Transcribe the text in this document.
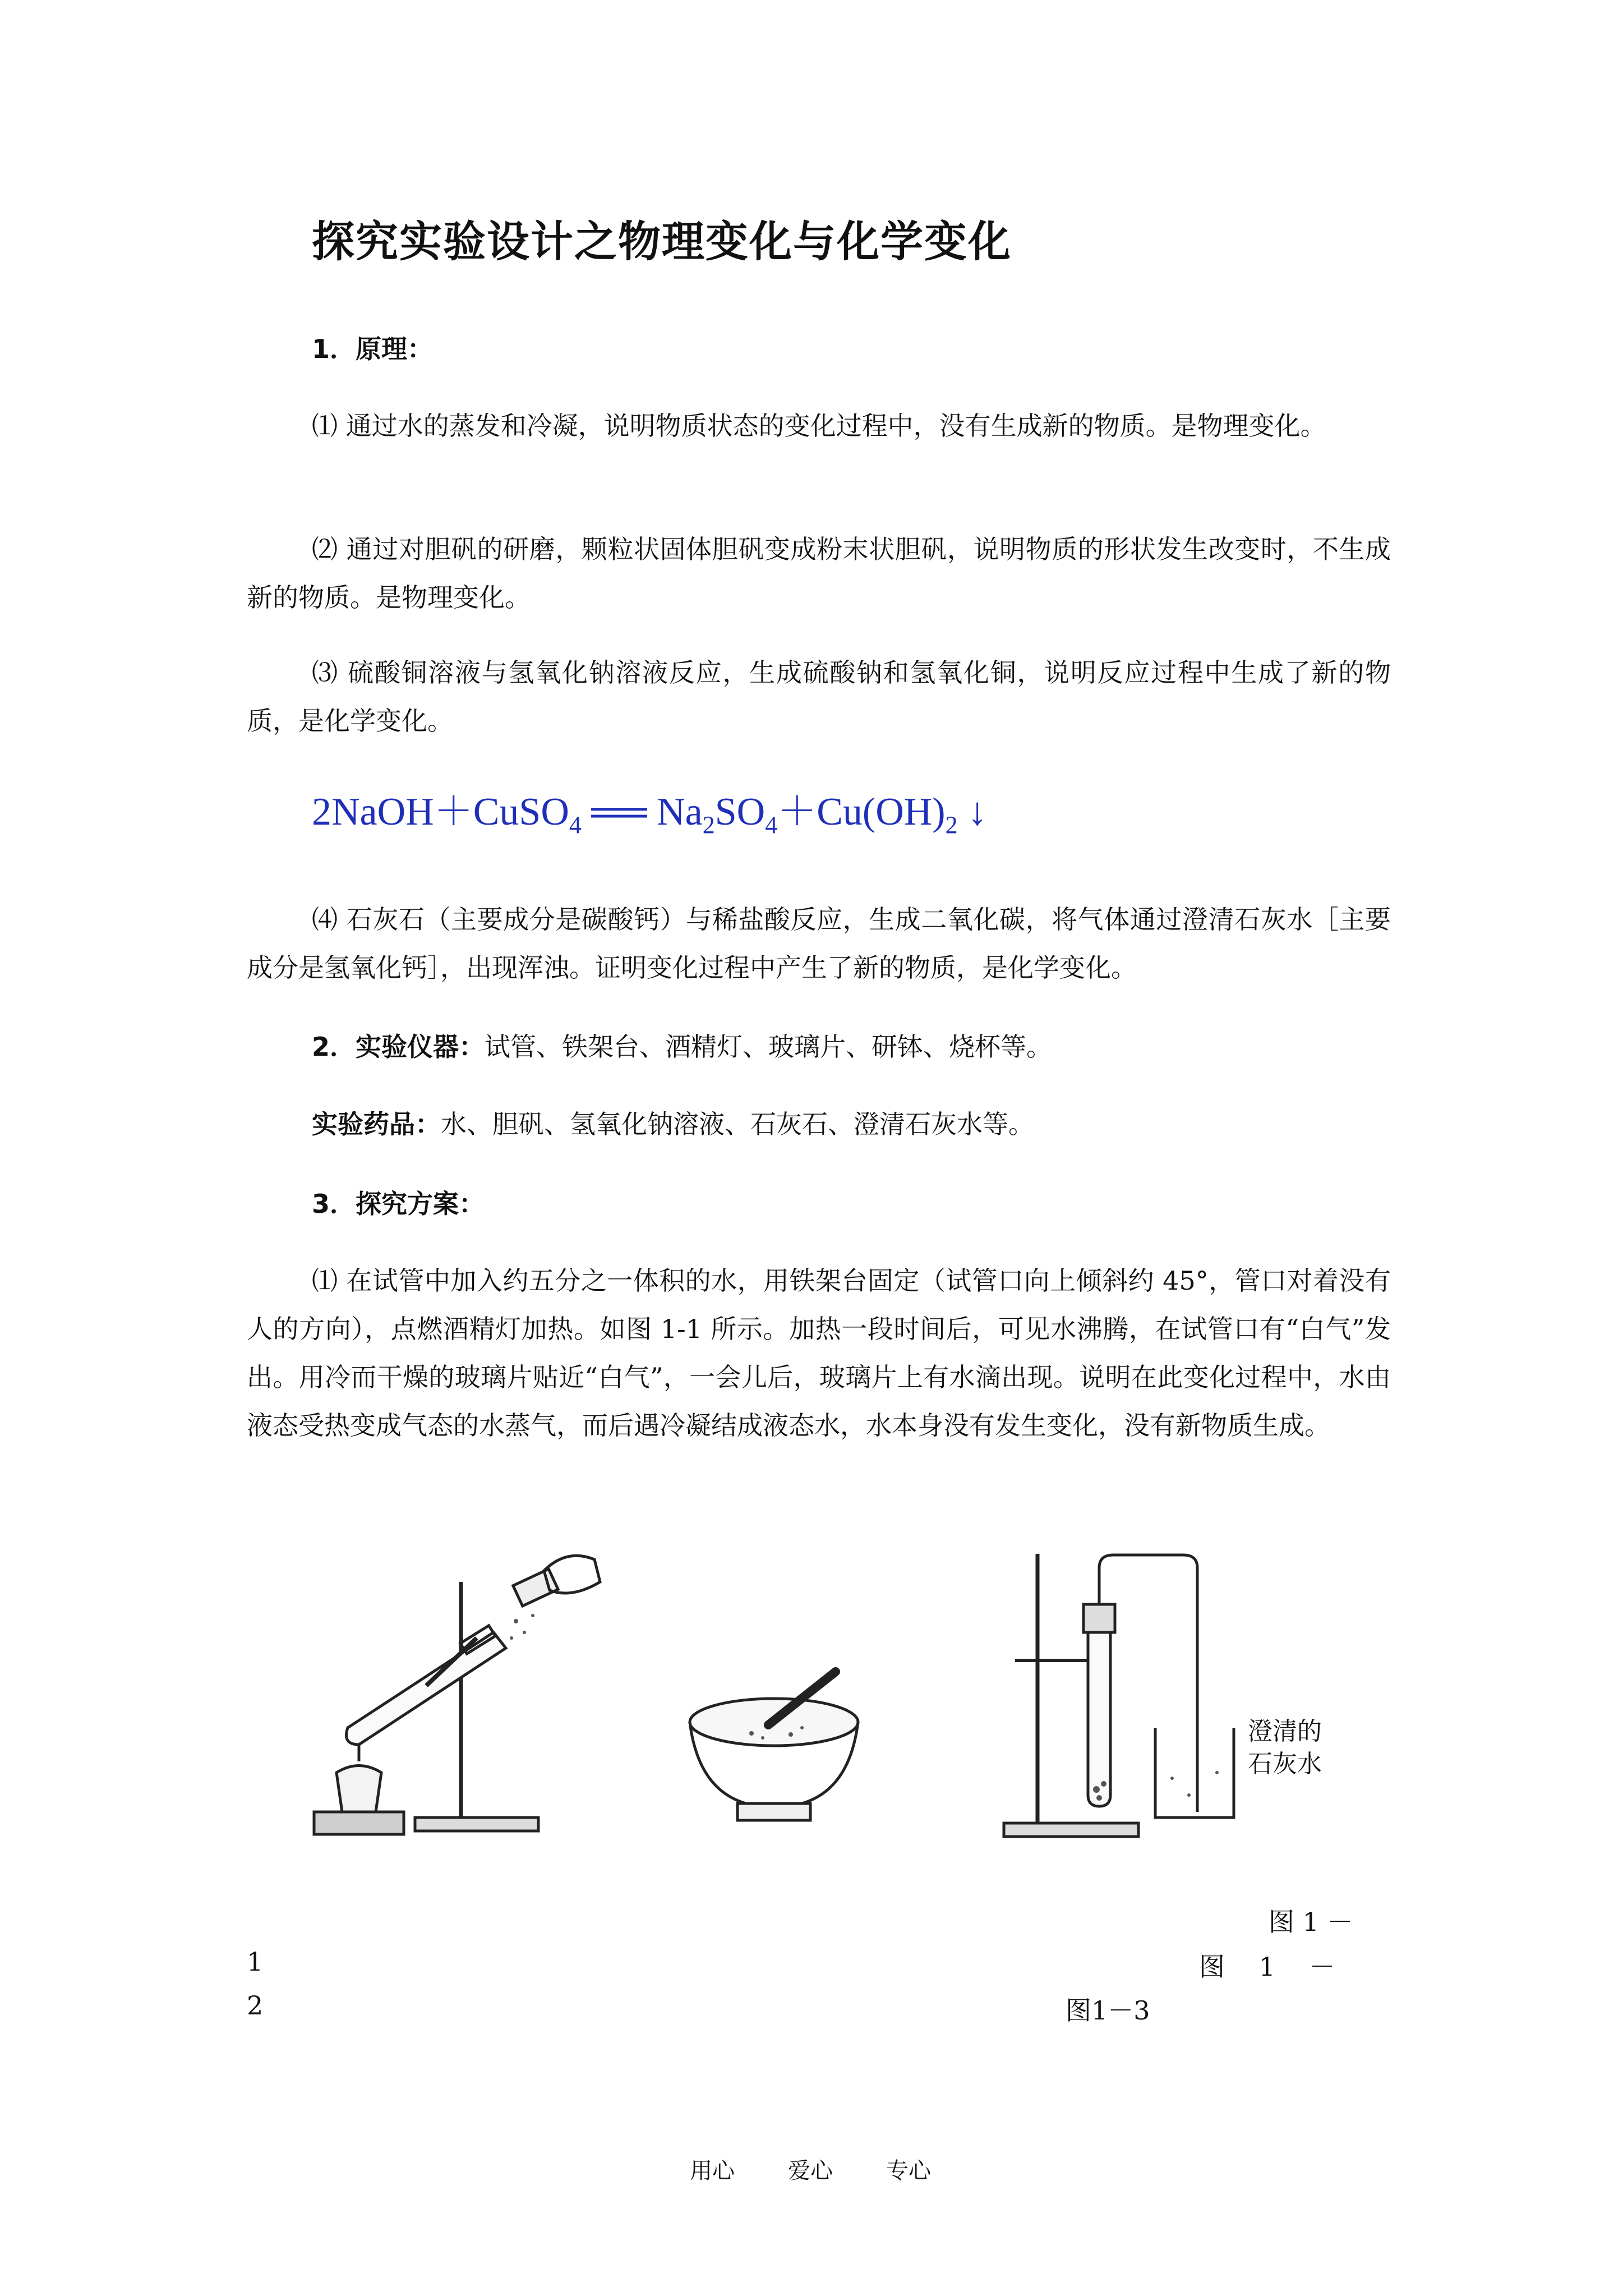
探究实验设计之物理变化与化学变化
1．原理：
⑴ 通过水的蒸发和冷凝，说明物质状态的变化过程中，没有生成新的物质。是物理变化。
⑵ 通过对胆矾的研磨，颗粒状固体胆矾变成粉末状胆矾，说明物质的形状发生改变时，不生成新的物质。是物理变化。
⑶ 硫酸铜溶液与氢氧化钠溶液反应，生成硫酸钠和氢氧化铜，说明反应过程中生成了新的物质，是化学变化。
2NaOH＋CuSO$_4$ ══ $Na_2SO_4+Cu(OH)_2$ ↓
⑷ 石灰石（主要成分是碳酸钙）与稀盐酸反应，生成二氧化碳，将气体通过澄清石灰水［主要成分是氢氧化钙］，出现浑浊。证明变化过程中产生了新的物质，是化学变化。
2．实验仪器：试管、铁架台、酒精灯、玻璃片、研钵、烧杯等。
实验药品：水、胆矾、氢氧化钠溶液、石灰石、澄清石灰水等。
3．探究方案：
⑴ 在试管中加入约五分之一体积的水，用铁架台固定（试管口向上倾斜约 45°，管口对着没有人的方向），点燃酒精灯加热。如图 1-1 所示。加热一段时间后，可见水沸腾，在试管口有“白气”发出。用冷而干燥的玻璃片贴近“白气”，一会儿后，玻璃片上有水滴出现。说明在此变化过程中，水由液态受热变成气态的水蒸气，而后遇冷凝结成液态水，水本身没有发生变化，没有新物质生成。
澄清的
石灰水
图 1 －
1	图　 1　 －
2	图1－3
用心 爱心 专心
